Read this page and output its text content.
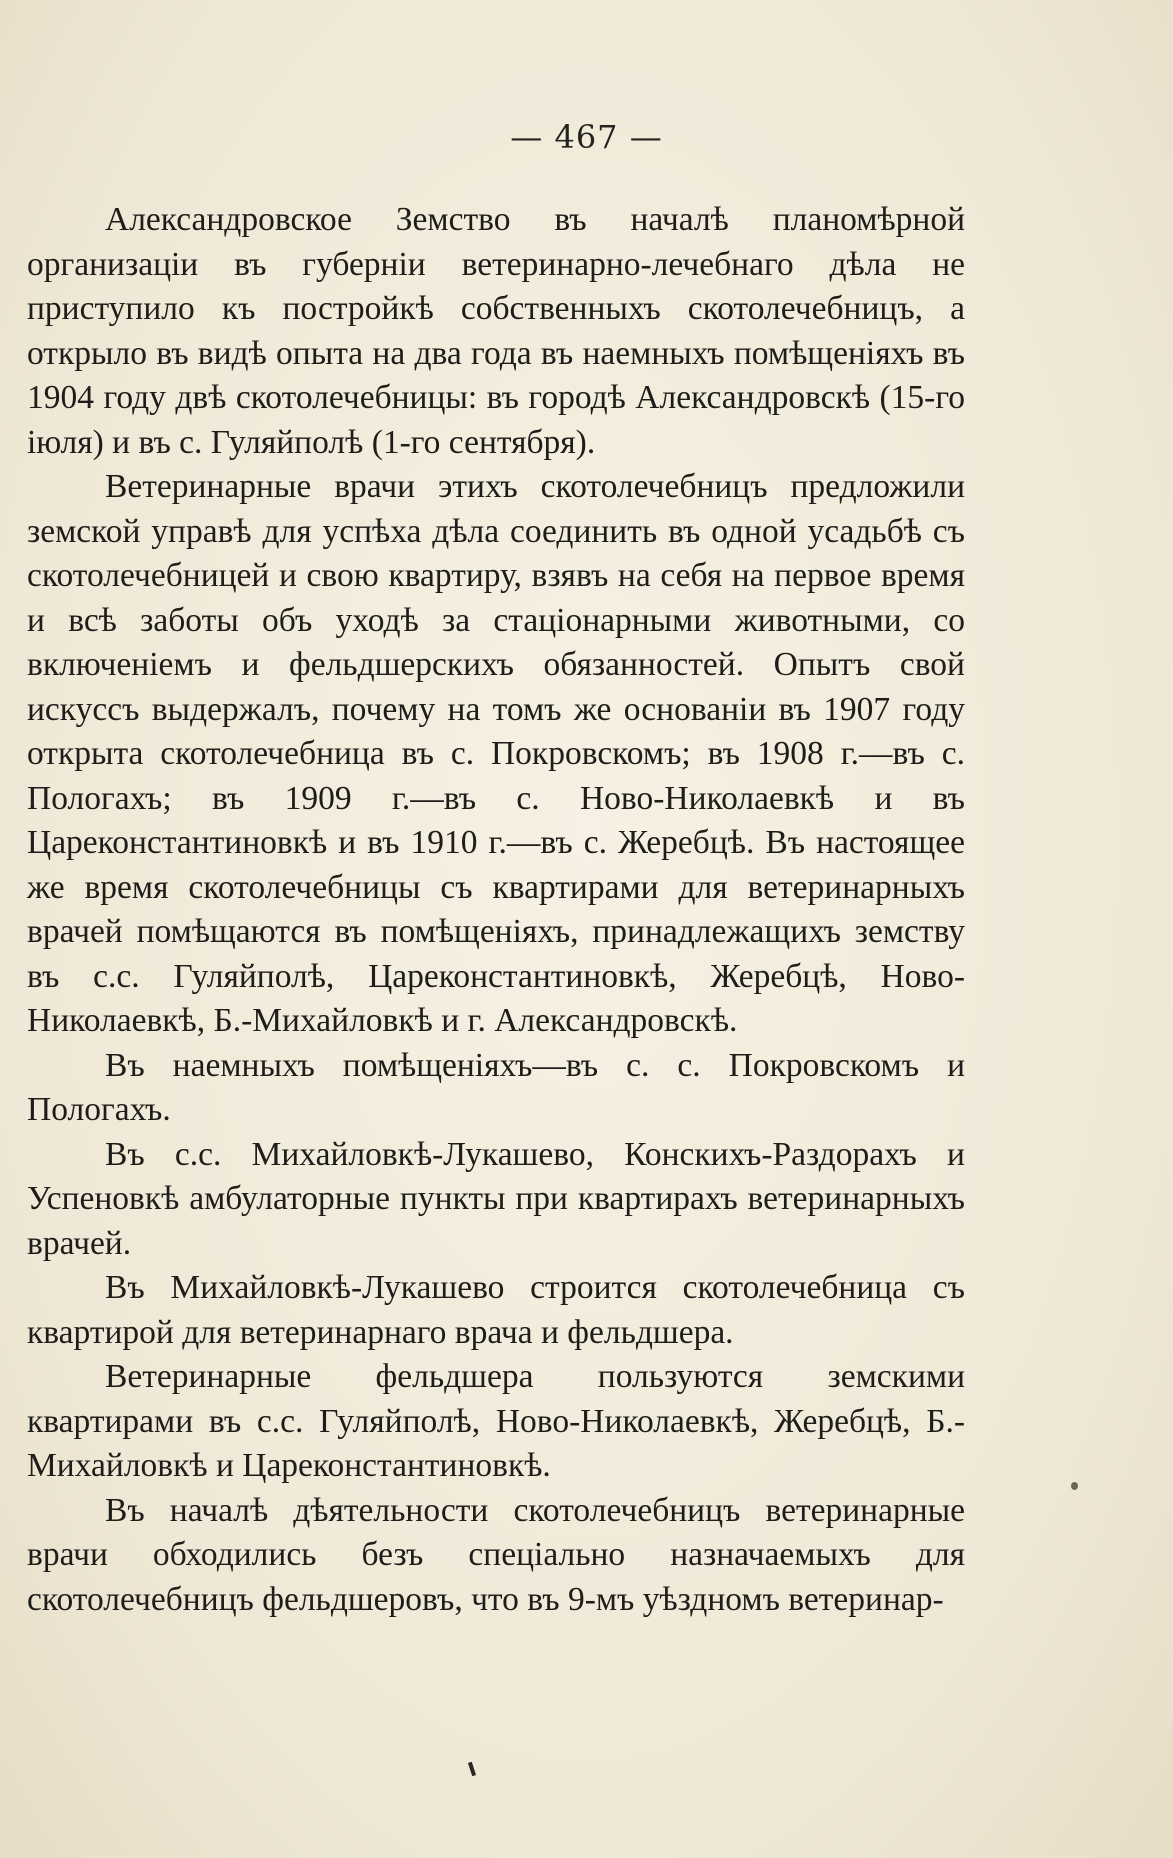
— 467 —

Александровское Земство въ началѣ планомѣрной организаціи въ губерніи ветеринарно-лечебнаго дѣла не приступило къ постройкѣ собственныхъ скотолечебницъ, а открыло въ видѣ опыта на два года въ наемныхъ помѣщеніяхъ въ 1904 году двѣ скотолечебницы: въ городѣ Александровскѣ (15-го іюля) и въ с. Гуляйполѣ (1-го сентября).

Ветеринарные врачи этихъ скотолечебницъ предложили земской управѣ для успѣха дѣла соединить въ одной усадьбѣ съ скотолечебницей и свою квартиру, взявъ на себя на первое время и всѣ заботы объ уходѣ за стаціонарными животными, со включеніемъ и фельдшерскихъ обязанностей. Опытъ свой искуссъ выдержалъ, почему на томъ же основаніи въ 1907 году открыта скотолечебница въ с. Покровскомъ; въ 1908 г.—въ с. Пологахъ; въ 1909 г.—въ с. Ново-Николаевкѣ и въ Цареконстантиновкѣ и въ 1910 г.—въ с. Жеребцѣ. Въ настоящее же время скотолечебницы съ квартирами для ветеринарныхъ врачей помѣщаются въ помѣщеніяхъ, принадлежащихъ земству въ с.с. Гуляйполѣ, Цареконстантиновкѣ, Жеребцѣ, Ново-Николаевкѣ, Б.-Михайловкѣ и г. Александровскѣ.

Въ наемныхъ помѣщеніяхъ—въ с. с. Покровскомъ и Пологахъ.

Въ с.с. Михайловкѣ-Лукашево, Конскихъ-Раздорахъ и Успеновкѣ амбулаторные пункты при квартирахъ ветеринарныхъ врачей.

Въ Михайловкѣ-Лукашево строится скотолечебница съ квартирой для ветеринарнаго врача и фельдшера.

Ветеринарные фельдшера пользуются земскими квартирами въ с.с. Гуляйполѣ, Ново-Николаевкѣ, Жеребцѣ, Б.-Михайловкѣ и Цареконстантиновкѣ.

Въ началѣ дѣятельности скотолечебницъ ветеринарные врачи обходились безъ спеціально назначаемыхъ для скотолечебницъ фельдшеровъ, что въ 9-мъ уѣздномъ ветеринар-
